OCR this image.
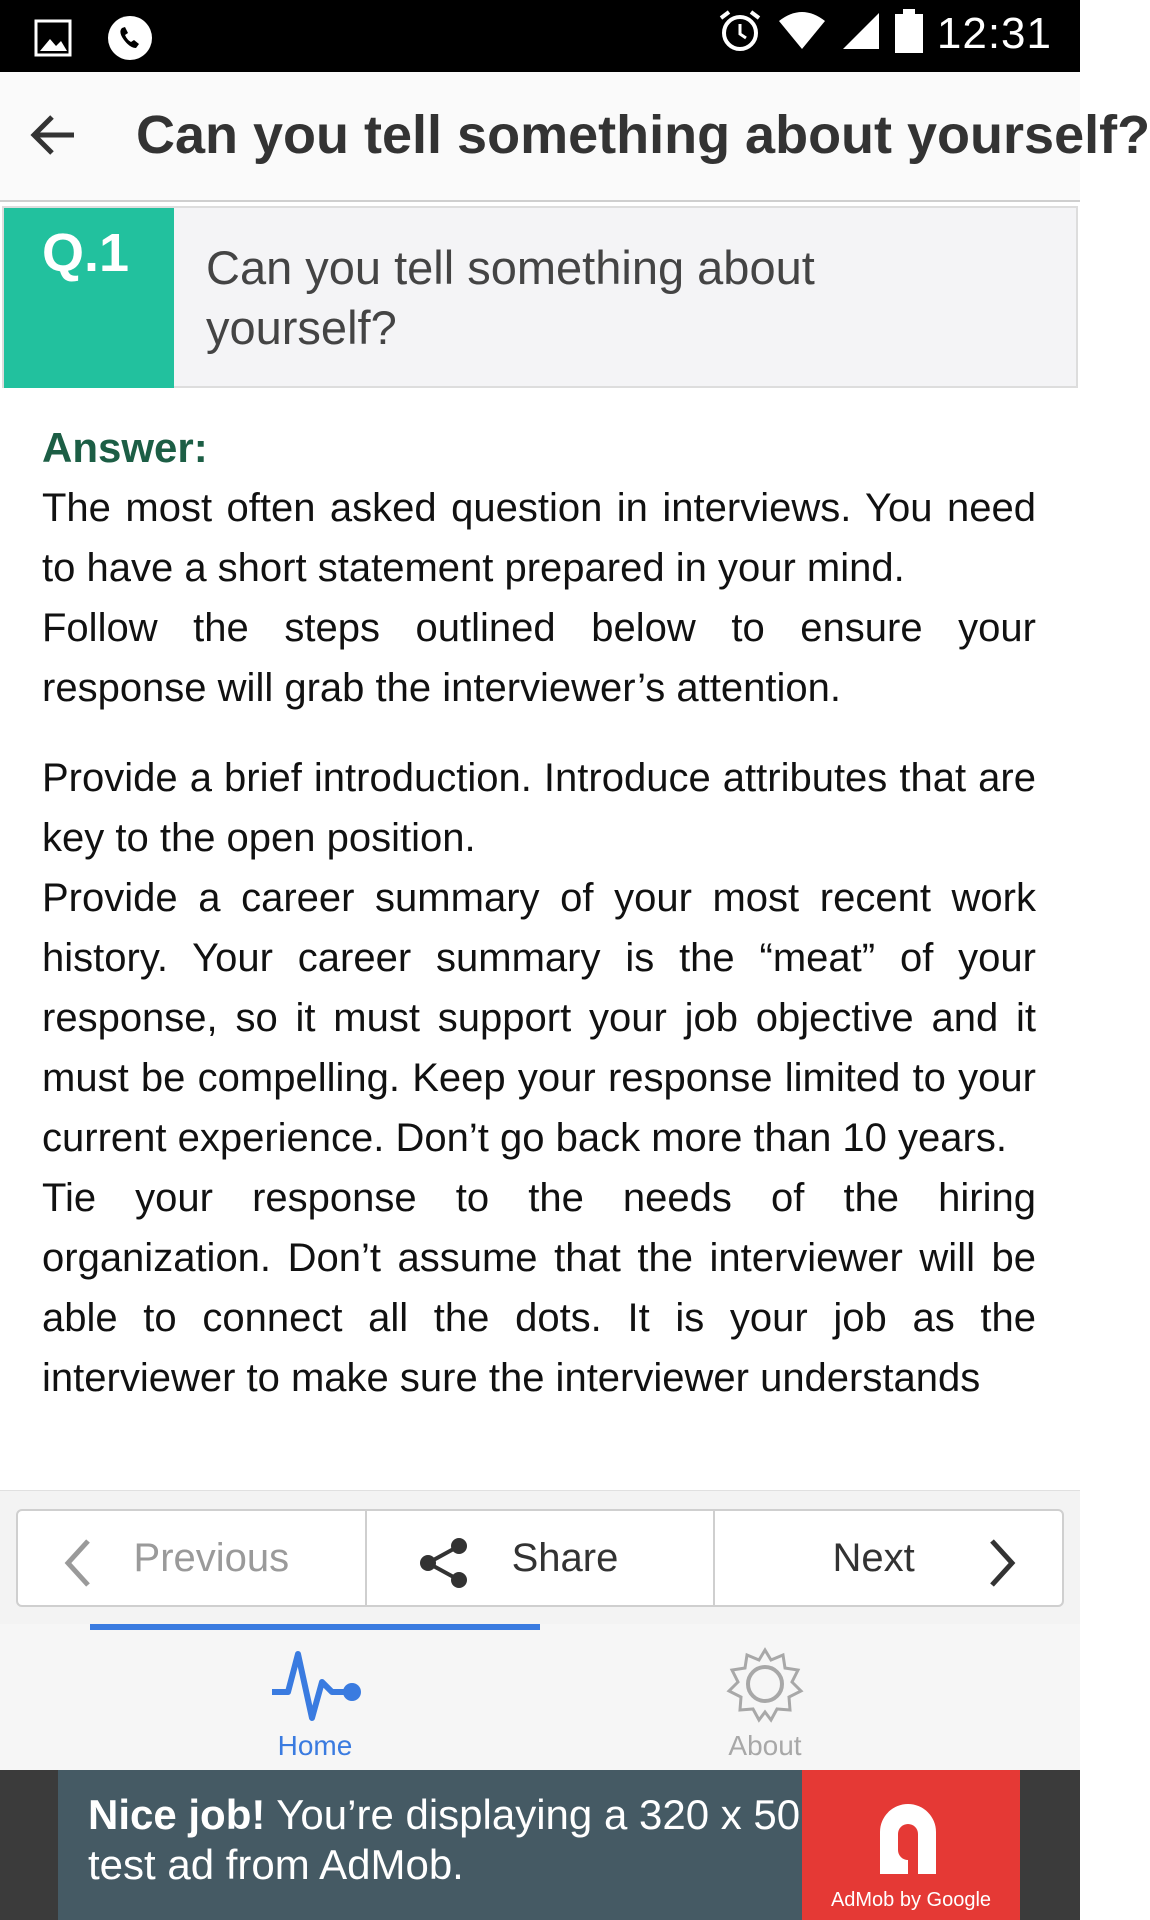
12:31
Can you tell something about yourself?
Q.1 Can you tell something about yourself?
Answer:

The most often asked question in interviews. You need to have a short statement prepared in your mind.

Follow the steps outlined below to ensure your response will grab the interviewer’s attention.

Provide a brief introduction. Introduce attributes that are key to the open position.

Provide a career summary of your most recent work history. Your career summary is the “meat” of your response, so it must support your job objective and it must be compelling. Keep your response limited to your current experience. Don’t go back more than 10 years.

Tie your response to the needs of the hiring organization. Don’t assume that the interviewer will be able to connect all the dots. It is your job as the interviewer to make sure the interviewer understands

Previous	Share	Next
Home	About
Nice job! You’re displaying a 320 x 50 test ad from AdMob.
AdMob by Google
